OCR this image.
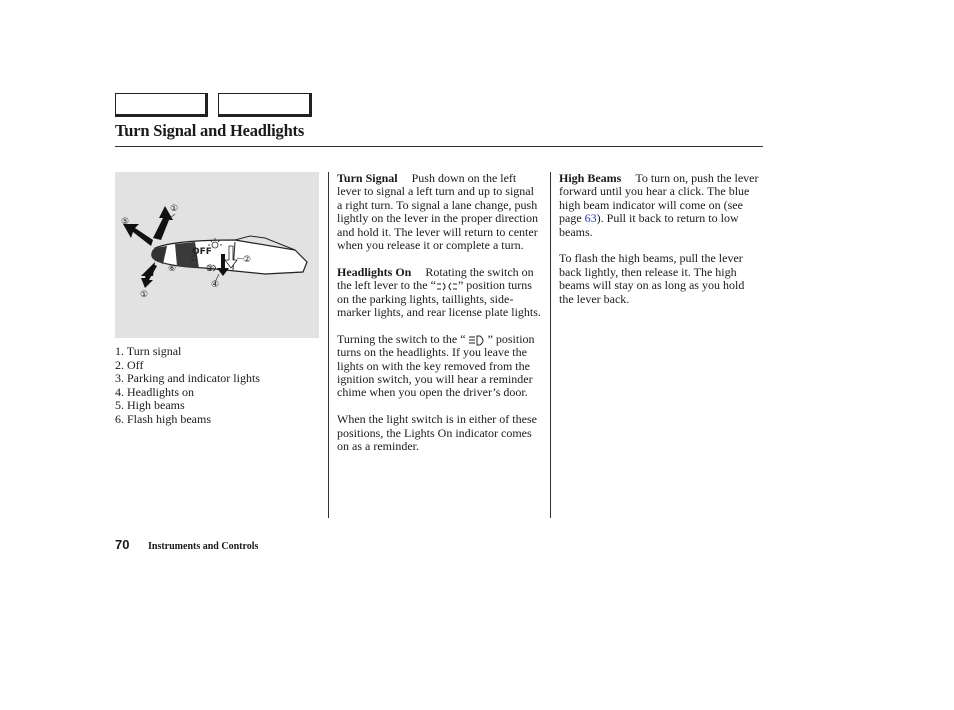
Turn Signal and Headlights
OFF
①
②
③
④
⑤
⑥
①
1. Turn signal
2. Off
3. Parking and indicator lights
4. Headlights on
5. High beams
6. Flash high beams

Turn Signal Push down on the left lever to signal a left turn and up to signal a right turn. To signal a lane change, push lightly on the lever in the proper direction and hold it. The lever will return to center when you release it or complete a turn.

Headlights On Rotating the switch on the left lever to the “ ” position turns on the parking lights, taillights, side-marker lights, and rear license plate lights.

Turning the switch to the “ ” position turns on the headlights. If you leave the lights on with the key removed from the ignition switch, you will hear a reminder chime when you open the driver’s door.

When the light switch is in either of these positions, the Lights On indicator comes on as a reminder.

High Beams To turn on, push the lever forward until you hear a click. The blue high beam indicator will come on (see page 63). Pull it back to return to low beams.

To flash the high beams, pull the lever back lightly, then release it. The high beams will stay on as long as you hold the lever back.

70 Instruments and Controls
